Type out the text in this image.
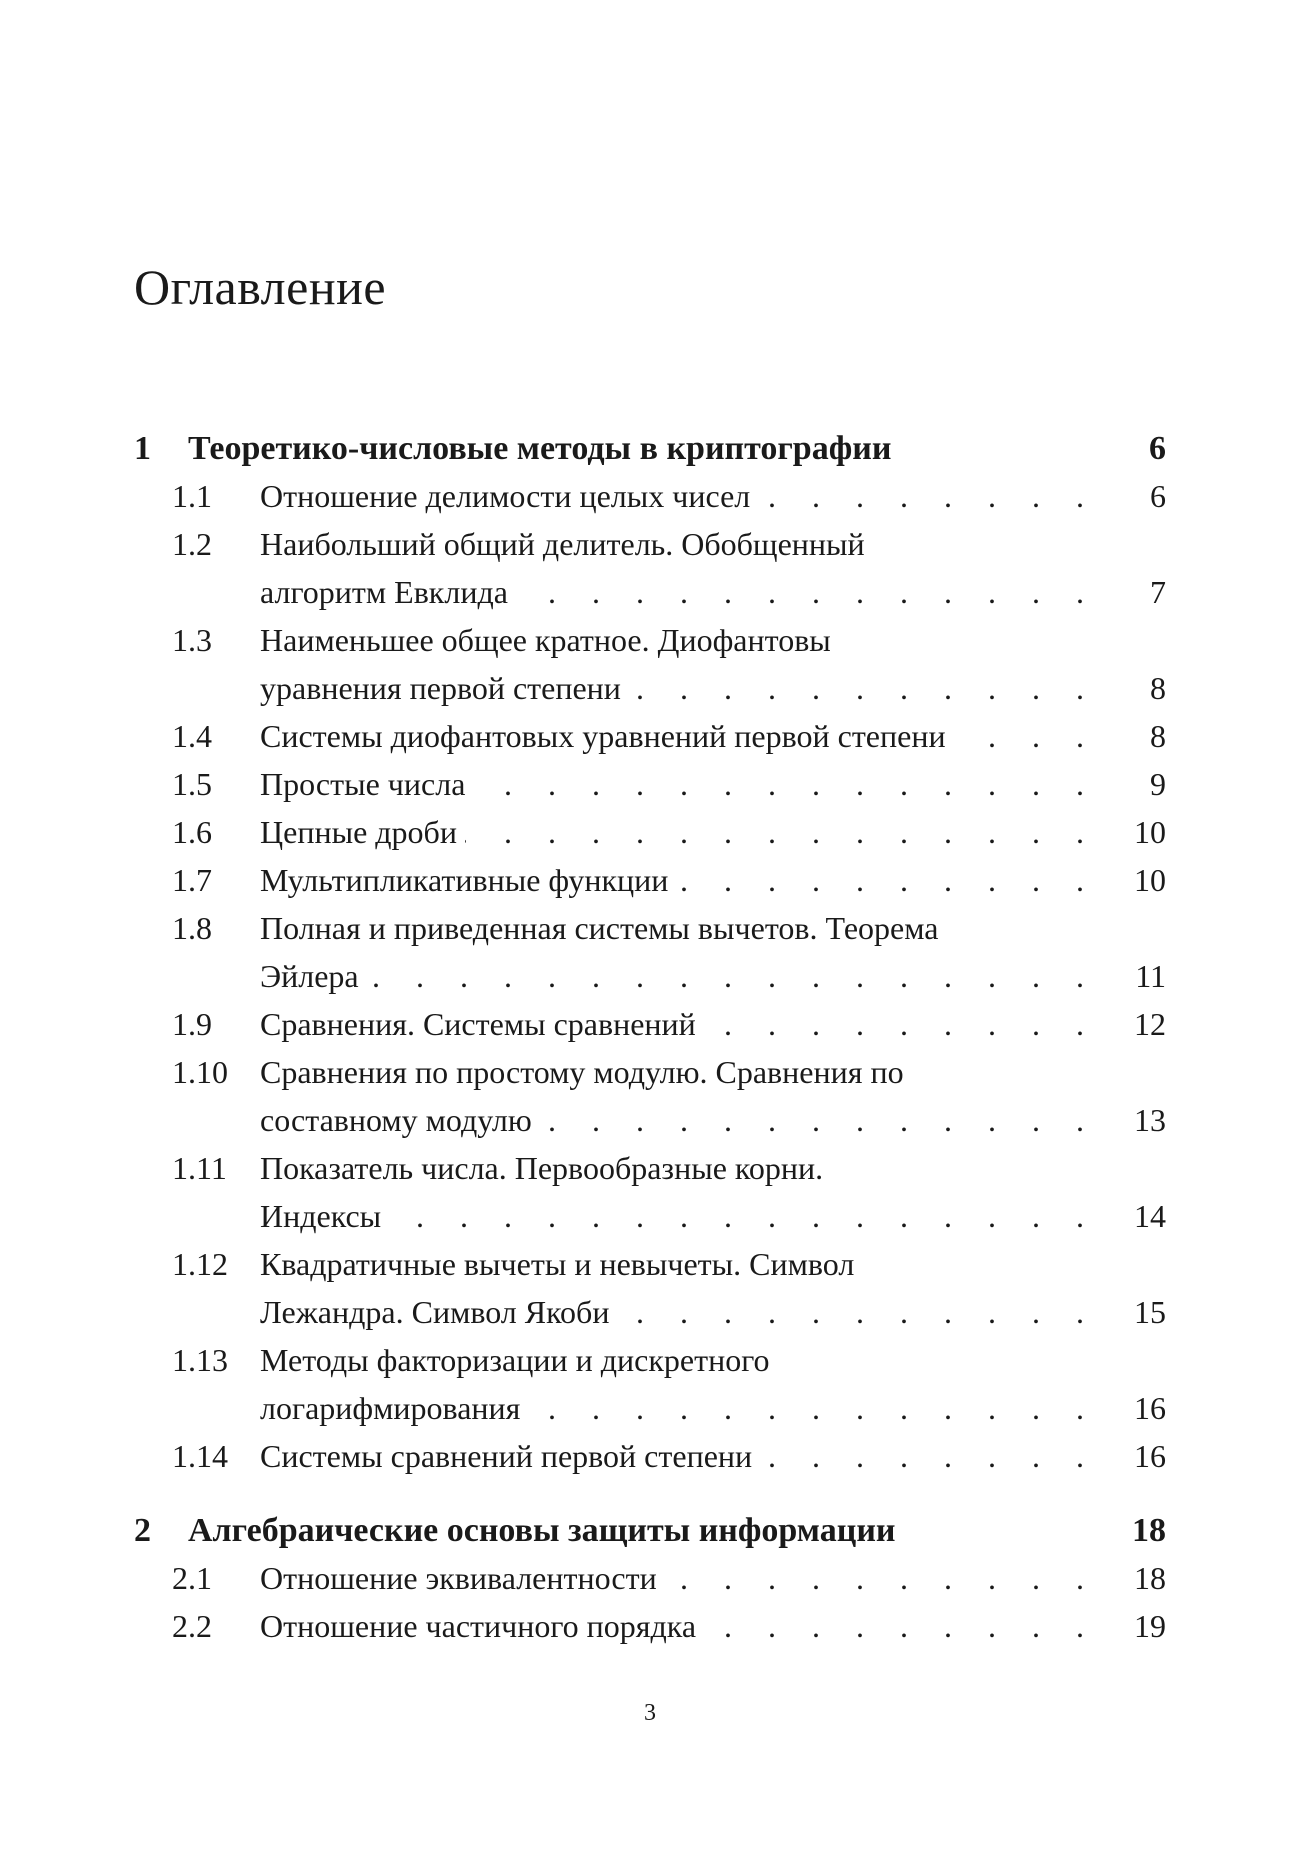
Оглавление
1	Теоретико-числовые методы в криптографии	6
1.1	Отношение делимости целых чисел . . .	6
1.2	Наибольший общий делитель. Обобщенный
алгоритм Евклида . . .	7
1.3	Наименьшее общее кратное. Диофантовы
уравнения первой степени . . .	8
1.4	Системы диофантовых уравнений первой степени . . .	8
1.5	Простые числа . . .	9
1.6	Цепные дроби . . .	10
1.7	Мультипликативные функции . . .	10
1.8	Полная и приведенная системы вычетов. Теорема
Эйлера . . .	11
1.9	Сравнения. Системы сравнений . . .	12
1.10	Сравнения по простому модулю. Сравнения по
составному модулю . . .	13
1.11	Показатель числа. Первообразные корни.
Индексы . . .	14
1.12	Квадратичные вычеты и невычеты. Символ
Лежандра. Символ Якоби . . .	15
1.13	Методы факторизации и дискретного
логарифмирования . . .	16
1.14	Системы сравнений первой степени . . .	16
2	Алгебраические основы защиты информации	18
2.1	Отношение эквивалентности . . .	18
2.2	Отношение частичного порядка . . .	19
3
